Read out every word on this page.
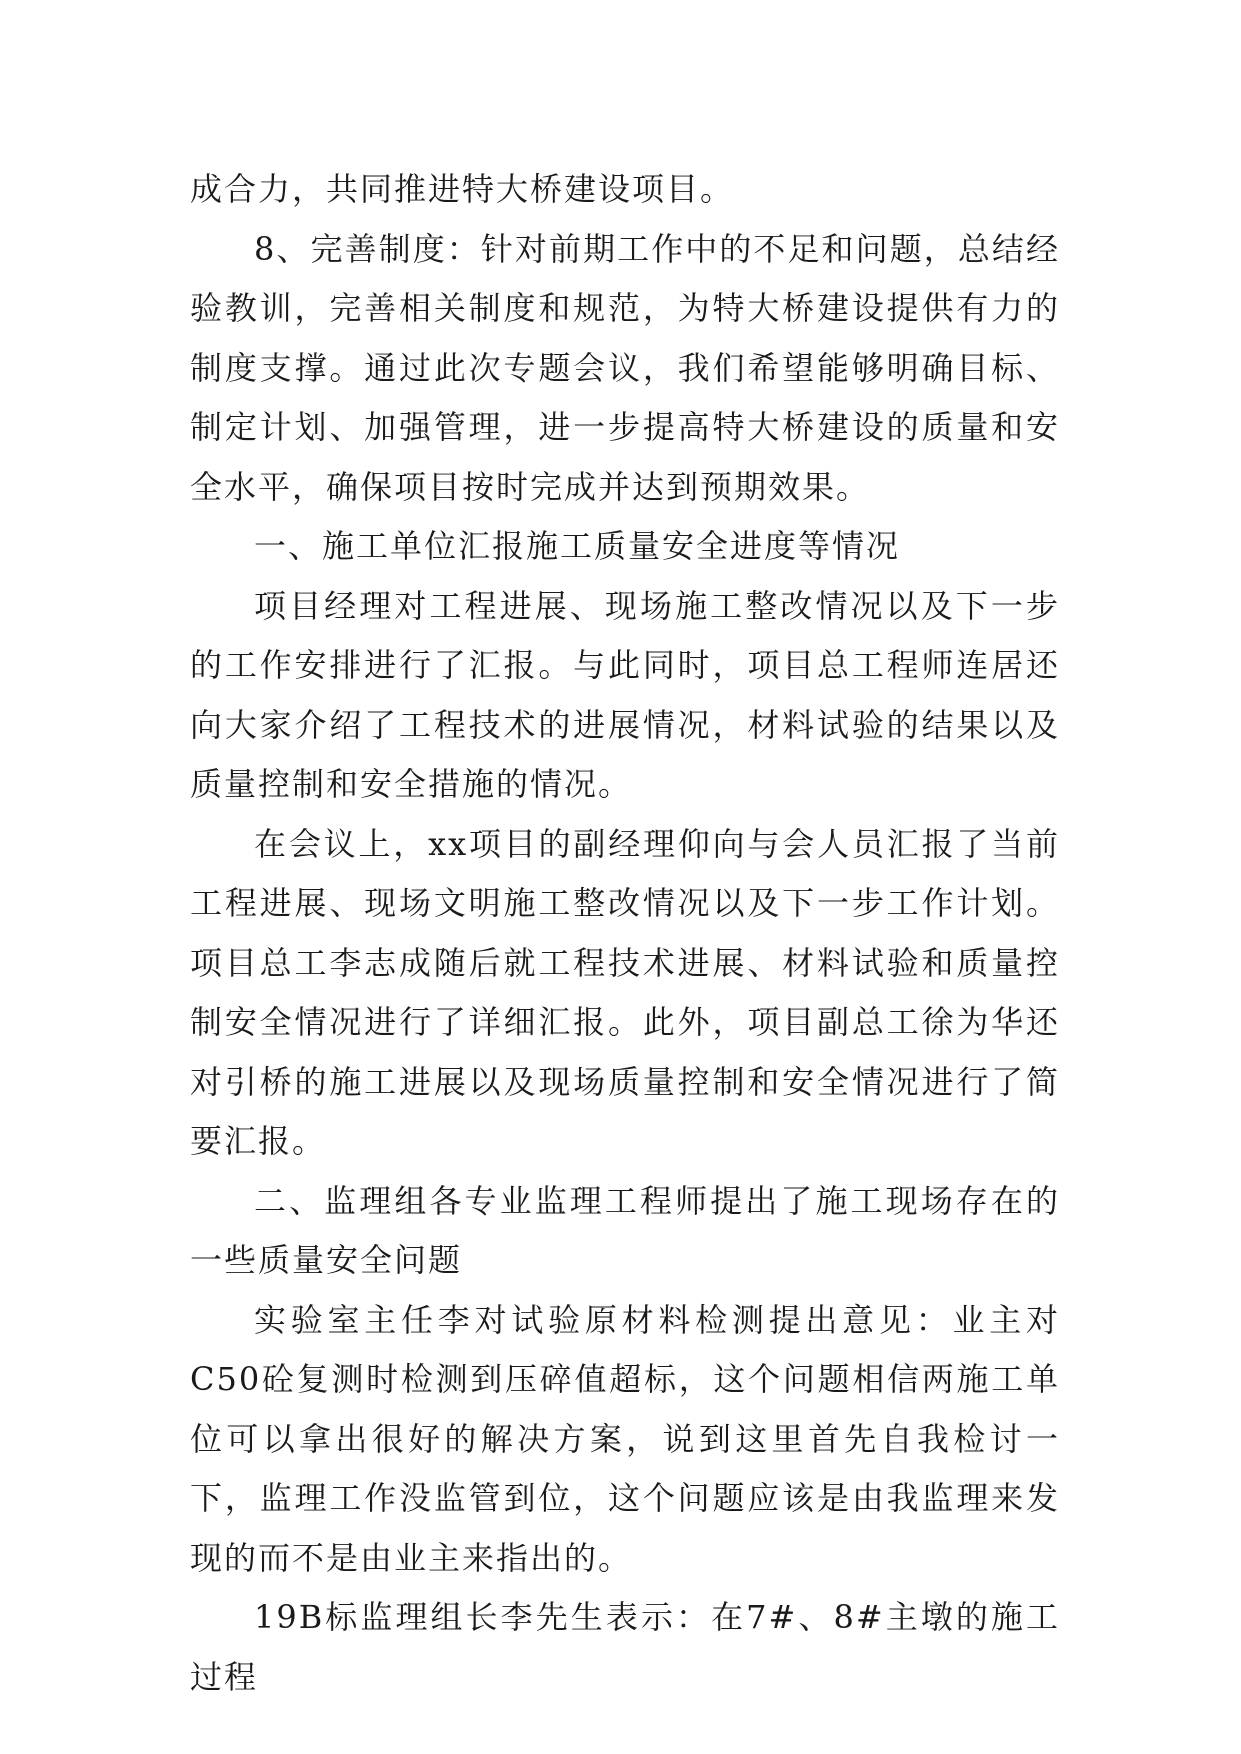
成合力，共同推进特大桥建设项目。

8、完善制度：针对前期工作中的不足和问题，总结经验教训，完善相关制度和规范，为特大桥建设提供有力的制度支撑。通过此次专题会议，我们希望能够明确目标、制定计划、加强管理，进一步提高特大桥建设的质量和安全水平，确保项目按时完成并达到预期效果。

一、施工单位汇报施工质量安全进度等情况

项目经理对工程进展、现场施工整改情况以及下一步的工作安排进行了汇报。与此同时，项目总工程师连居还向大家介绍了工程技术的进展情况，材料试验的结果以及质量控制和安全措施的情况。

在会议上，xx项目的副经理仰向与会人员汇报了当前工程进展、现场文明施工整改情况以及下一步工作计划。项目总工李志成随后就工程技术进展、材料试验和质量控制安全情况进行了详细汇报。此外，项目副总工徐为华还对引桥的施工进展以及现场质量控制和安全情况进行了简要汇报。

二、监理组各专业监理工程师提出了施工现场存在的一些质量安全问题

实验室主任李对试验原材料检测提出意见：业主对C50砼复测时检测到压碎值超标，这个问题相信两施工单位可以拿出很好的解决方案，说到这里首先自我检讨一下，监理工作没监管到位，这个问题应该是由我监理来发现的而不是由业主来指出的。

19B标监理组长李先生表示：在7#、8#主墩的施工过程
